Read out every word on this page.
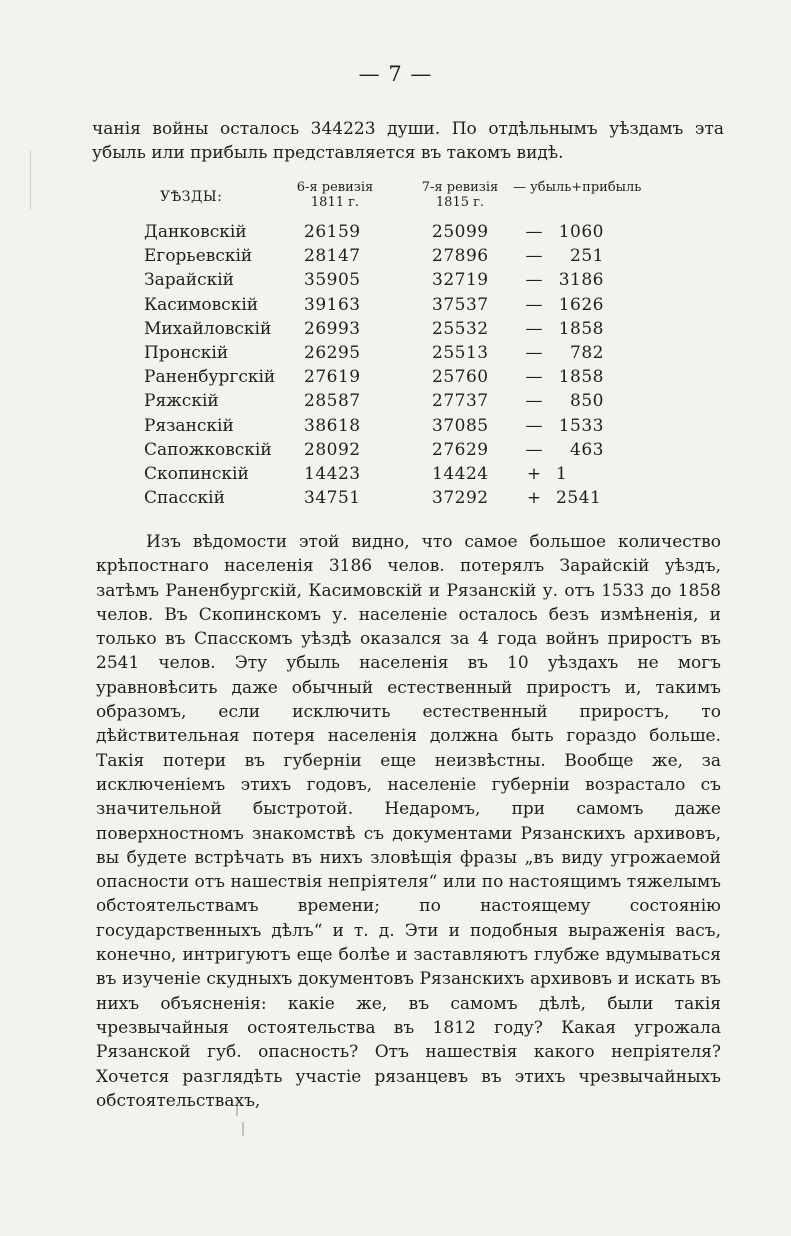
— 7 —

чанія войны осталось 344223 души. По отдѣльнымъ уѣздамъ эта убыль или прибыль представляется въ такомъ видѣ.

УѢЗДЫ:
6-я ревизія 1811 г.
7-я ревизія 1815 г.
— убыль+прибыль
Данковскій	26159	25099 — 1060
Егорьевскій	28147	27896 —	251
Зарайскій	35905	32719 — 3186
Касимовскій	39163	37537 — 1626
Михайловскій 26993	25532 — 1858
Пронскій	26295	25513 —	782
Раненбургскій 27619	25760 — 1858
Ряжскій	28587	27737 —	850
Рязанскій	38618	37085 — 1533
Сапожковскій 28092	27629 —	463
Скопинскій	14423	14424 + 1
Спасскій	34751	37292 + 2541

Изъ вѣдомости этой видно, что самое большое количество крѣпостнаго населенія 3186 челов. потерялъ Зарайскій уѣздъ, затѣмъ Раненбургскій, Касимовскій и Рязанскій у. отъ 1533 до 1858 челов. Въ Скопинскомъ у. населеніе осталось безъ измѣненія, и только въ Спасскомъ уѣздѣ оказался за 4 года войнъ приростъ въ 2541 челов. Эту убыль населенія въ 10 уѣздахъ не могъ уравновѣсить даже обычный естественный приростъ и, такимъ образомъ, если исключить естественный приростъ, то дѣйствительная потеря населенія должна быть гораздо больше. Такія потери въ губерніи еще неизвѣстны. Вообще же, за исключеніемъ этихъ годовъ, населеніе губерніи возрастало съ значительной быстротой. Недаромъ, при самомъ даже поверхностномъ знакомствѣ съ документами Рязанскихъ архивовъ, вы будете встрѣчать въ нихъ зловѣщія фразы „въ виду угрожаемой опасности отъ нашествія непріятеля“ или по настоящимъ тяжелымъ обстоятельствамъ времени; по настоящему состоянію государственныхъ дѣлъ“ и т. д. Эти и подобныя выраженія васъ, конечно, интригуютъ еще болѣе и заставляютъ глубже вдумываться въ изученіе скудныхъ документовъ Рязанскихъ архивовъ и искать въ нихъ объясненія: какіе же, въ самомъ дѣлѣ, были такія чрезвычайныя остоятельства въ 1812 году? Какая угрожала Рязанской губ. опасность? Отъ нашествія какого непріятеля? Хочется разглядѣть участіе рязанцевъ въ этихъ чрезвычайныхъ обстоятельствахъ,
